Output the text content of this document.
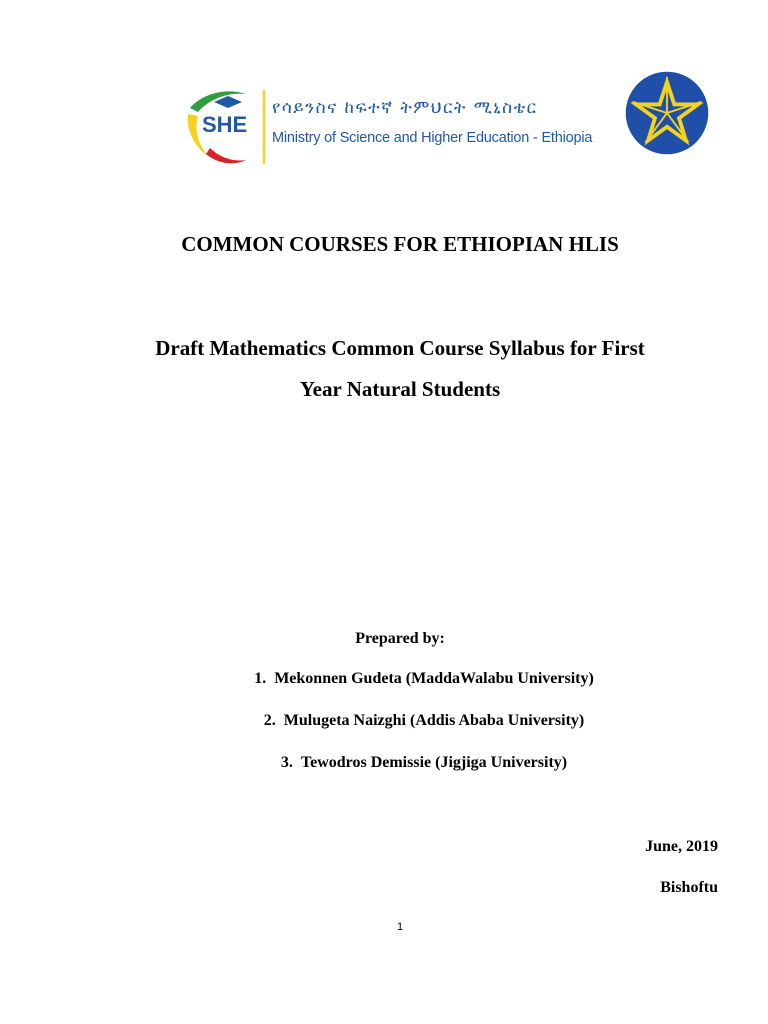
SHE
የሳይንስና ከፍተኛ ትምህርት ሚኒስቴር
Ministry of Science and Higher Education - Ethiopia
COMMON COURSES FOR ETHIOPIAN HLIS
Draft Mathematics Common Course Syllabus for First
Year Natural Students
Prepared by:
1. Mekonnen Gudeta (MaddaWalabu University)
2. Mulugeta Naizghi (Addis Ababa University)
3. Tewodros Demissie (Jigjiga University)
June, 2019
Bishoftu
1
